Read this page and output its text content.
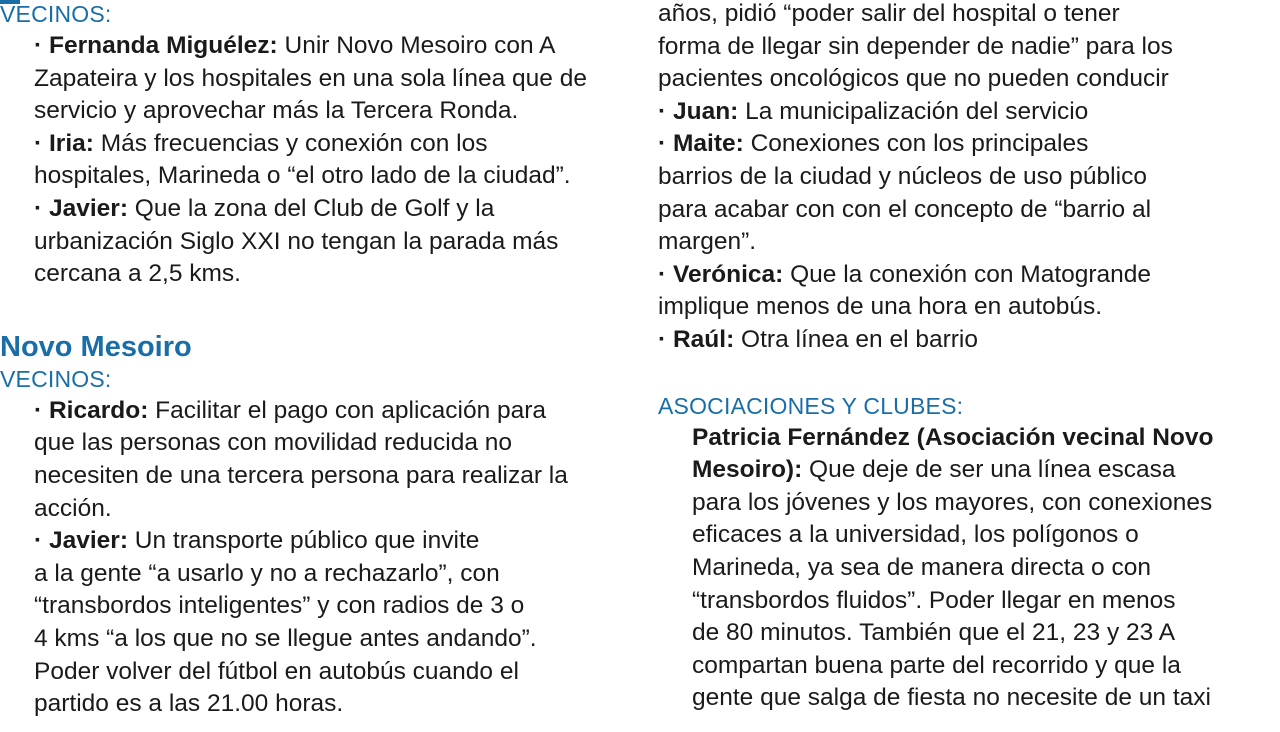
VECINOS:

· Fernanda Miguélez: Unir Novo Mesoiro con A
Zapateira y los hospitales en una sola línea que de
servicio y aprovechar más la Tercera Ronda.

· Iria: Más frecuencias y conexión con los
hospitales, Marineda o “el otro lado de la ciudad”.

· Javier: Que la zona del Club de Golf y la
urbanización Siglo XXI no tengan la parada más
cercana a 2,5 kms.

Novo Mesoiro

VECINOS:

· Ricardo: Facilitar el pago con aplicación para
que las personas con movilidad reducida no
necesiten de una tercera persona para realizar la
acción.

· Javier: Un transporte público que invite
a la gente “a usarlo y no a rechazarlo”, con
“transbordos inteligentes” y con radios de 3 o
4 kms “a los que no se llegue antes andando”.
Poder volver del fútbol en autobús cuando el
partido es a las 21.00 horas.

años, pidió “poder salir del hospital o tener
forma de llegar sin depender de nadie” para los
pacientes oncológicos que no pueden conducir

· Juan: La municipalización del servicio

· Maite: Conexiones con los principales
barrios de la ciudad y núcleos de uso público
para acabar con con el concepto de “barrio al
margen”.

· Verónica: Que la conexión con Matogrande
implique menos de una hora en autobús.

· Raúl: Otra línea en el barrio

ASOCIACIONES Y CLUBES:

Patricia Fernández (Asociación vecinal Novo
Mesoiro): Que deje de ser una línea escasa
para los jóvenes y los mayores, con conexiones
eficaces a la universidad, los polígonos o
Marineda, ya sea de manera directa o con
“transbordos fluidos”. Poder llegar en menos
de 80 minutos. También que el 21, 23 y 23 A
compartan buena parte del recorrido y que la
gente que salga de fiesta no necesite de un taxi
